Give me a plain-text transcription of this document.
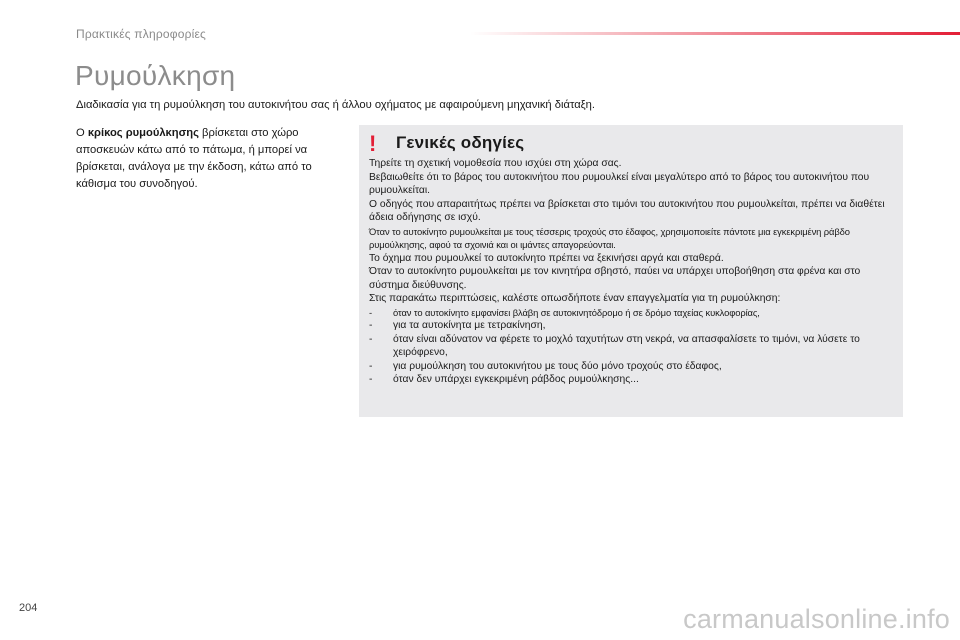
Πρακτικές πληροφορίες
Ρυμούλκηση
Διαδικασία για τη ρυμούλκηση του αυτοκινήτου σας ή άλλου οχήματος με αφαιρούμενη μηχανική διάταξη.
Ο κρίκος ρυμούλκησης βρίσκεται στο χώρο αποσκευών κάτω από το πάτωμα, ή μπορεί να βρίσκεται, ανάλογα με την έκδοση, κάτω από το κάθισμα του συνοδηγού.
! Γενικές οδηγίες

Τηρείτε τη σχετική νομοθεσία που ισχύει στη χώρα σας.

Βεβαιωθείτε ότι το βάρος του αυτοκινήτου που ρυμουλκεί είναι μεγαλύτερο από το βάρος του αυτοκινήτου που ρυμουλκείται.

Ο οδηγός που απαραιτήτως πρέπει να βρίσκεται στο τιμόνι του αυτοκινήτου που ρυμουλκείται, πρέπει να διαθέτει άδεια οδήγησης σε ισχύ.

Όταν το αυτοκίνητο ρυμουλκείται με τους τέσσερις τροχούς στο έδαφος, χρησιμοποιείτε πάντοτε μια εγκεκριμένη ράβδο ρυμούλκησης, αφού τα σχοινιά και οι ιμάντες απαγορεύονται.

Το όχημα που ρυμουλκεί το αυτοκίνητο πρέπει να ξεκινήσει αργά και σταθερά.

Όταν το αυτοκίνητο ρυμουλκείται με τον κινητήρα σβηστό, παύει να υπάρχει υποβοήθηση στα φρένα και στο σύστημα διεύθυνσης.

Στις παρακάτω περιπτώσεις, καλέστε οπωσδήποτε έναν επαγγελματία για τη ρυμούλκηση:

- όταν το αυτοκίνητο εμφανίσει βλάβη σε αυτοκινητόδρομο ή σε δρόμο ταχείας κυκλοφορίας,
- για τα αυτοκίνητα με τετρακίνηση,
- όταν είναι αδύνατον να φέρετε το μοχλό ταχυτήτων στη νεκρά, να απασφαλίσετε το τιμόνι, να λύσετε το χειρόφρενο,
- για ρυμούλκηση του αυτοκινήτου με τους δύο μόνο τροχούς στο έδαφος,
- όταν δεν υπάρχει εγκεκριμένη ράβδος ρυμούλκησης...
204	carmanualsonline.info
